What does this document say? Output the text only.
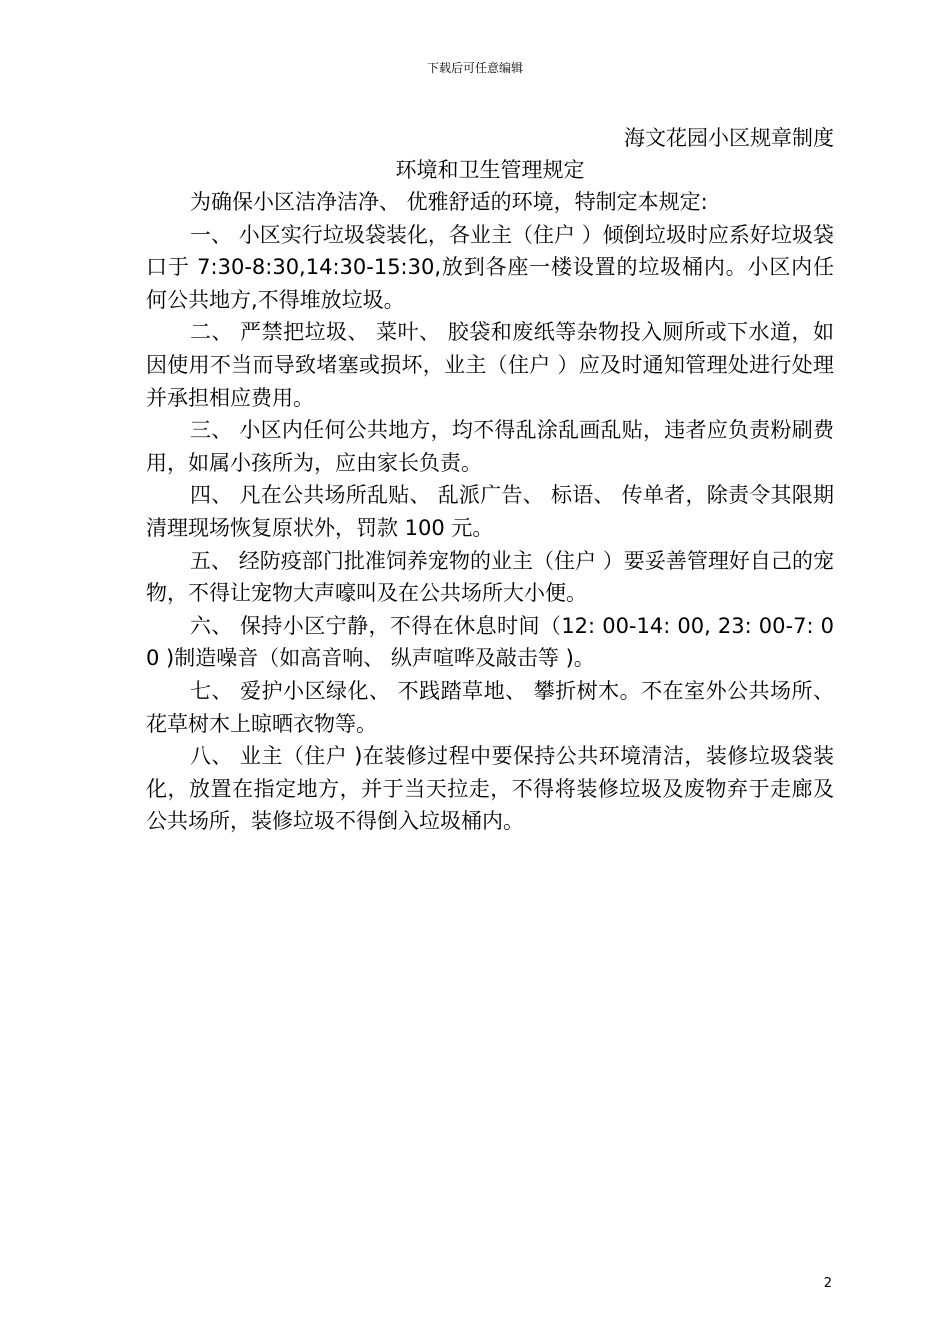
下载后可任意编辑
海文花园小区规章制度
环境和卫生管理规定

为确保小区洁净洁净、 优雅舒适的环境，特制定本规定:

一、 小区实行垃圾袋装化，各业主（住户 ）倾倒垃圾时应系好垃圾袋口于 7:30-8:30,14:30-15:30,放到各座一楼设置的垃圾桶内。小区内任何公共地方,不得堆放垃圾。

二、 严禁把垃圾、 菜叶、 胶袋和废纸等杂物投入厕所或下水道，如因使用不当而导致堵塞或损坏，业主（住户 ）应及时通知管理处进行处理并承担相应费用。

三、 小区内任何公共地方，均不得乱涂乱画乱贴，违者应负责粉刷费用，如属小孩所为，应由家长负责。

四、 凡在公共场所乱贴、 乱派广告、 标语、 传单者，除责令其限期清理现场恢复原状外，罚款 100 元。

五、 经防疫部门批准饲养宠物的业主（住户 ）要妥善管理好自己的宠物，不得让宠物大声嚎叫及在公共场所大小便。

六、 保持小区宁静，不得在休息时间（12: 00-14: 00, 23: 00-7: 00 )制造噪音（如高音响、 纵声喧哗及敲击等 )。

七、 爱护小区绿化、 不践踏草地、 攀折树木。不在室外公共场所、 花草树木上晾晒衣物等。

八、 业主（住户 )在装修过程中要保持公共环境清洁，装修垃圾袋装化，放置在指定地方，并于当天拉走，不得将装修垃圾及废物弃于走廊及公共场所，装修垃圾不得倒入垃圾桶内。

2
